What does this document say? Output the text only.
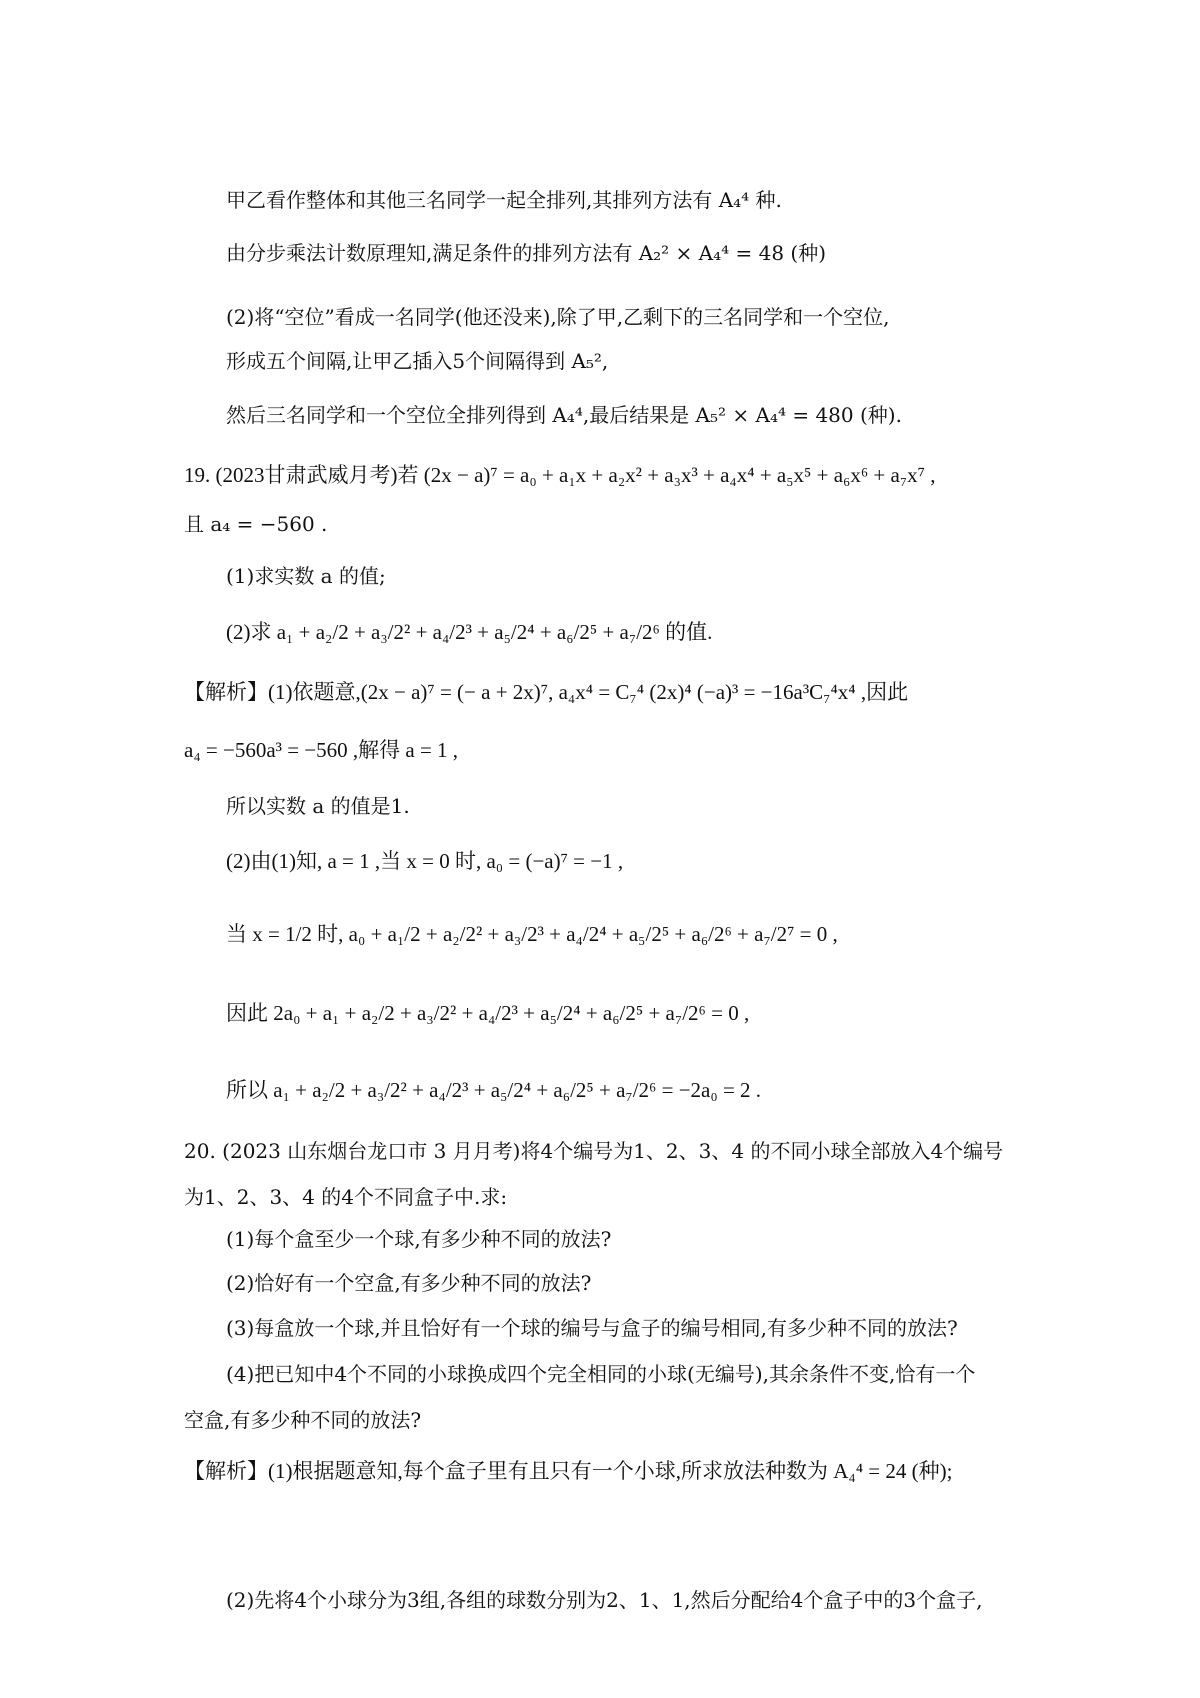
甲乙看作整体和其他三名同学一起全排列,其排列方法有 A₄⁴ 种.
由分步乘法计数原理知,满足条件的排列方法有 A₂² × A₄⁴ = 48 (种)
(2)将“空位”看成一名同学(他还没来),除了甲,乙剩下的三名同学和一个空位,
形成五个间隔,让甲乙插入5个间隔得到 A₅²,
然后三名同学和一个空位全排列得到 A₄⁴,最后结果是 A₅² × A₄⁴ = 480 (种).
19. (2023甘肃武威月考)若 (2x − a)⁷ = a₀ + a₁x + a₂x² + a₃x³ + a₄x⁴ + a₅x⁵ + a₆x⁶ + a₇x⁷ ,
且 a₄ = −560 .
(1)求实数 a 的值;
(2)求 a₁ + a₂/2 + a₃/2² + a₄/2³ + a₅/2⁴ + a₆/2⁵ + a₇/2⁶ 的值.
【解析】(1)依题意,(2x − a)⁷ = (− a + 2x)⁷, a₄x⁴ = C₇⁴ (2x)⁴ (−a)³ = −16a³C₇⁴x⁴ ,因此
a₄ = −560a³ = −560 ,解得 a = 1 ,
所以实数 a 的值是1.
(2)由(1)知, a = 1 ,当 x = 0 时, a₀ = (−a)⁷ = −1 ,
当 x = 1/2 时, a₀ + a₁/2 + a₂/2² + a₃/2³ + a₄/2⁴ + a₅/2⁵ + a₆/2⁶ + a₇/2⁷ = 0 ,
因此 2a₀ + a₁ + a₂/2 + a₃/2² + a₄/2³ + a₅/2⁴ + a₆/2⁵ + a₇/2⁶ = 0 ,
所以 a₁ + a₂/2 + a₃/2² + a₄/2³ + a₅/2⁴ + a₆/2⁵ + a₇/2⁶ = −2a₀ = 2 .
20. (2023 山东烟台龙口市 3 月月考)将4个编号为1、2、3、4 的不同小球全部放入4个编号
为1、2、3、4 的4个不同盒子中.求:
(1)每个盒至少一个球,有多少种不同的放法?
(2)恰好有一个空盒,有多少种不同的放法?
(3)每盒放一个球,并且恰好有一个球的编号与盒子的编号相同,有多少种不同的放法?
(4)把已知中4个不同的小球换成四个完全相同的小球(无编号),其余条件不变,恰有一个
空盒,有多少种不同的放法?
【解析】(1)根据题意知,每个盒子里有且只有一个小球,所求放法种数为 A₄⁴ = 24 (种);
(2)先将4个小球分为3组,各组的球数分别为2、1、1,然后分配给4个盒子中的3个盒子,
